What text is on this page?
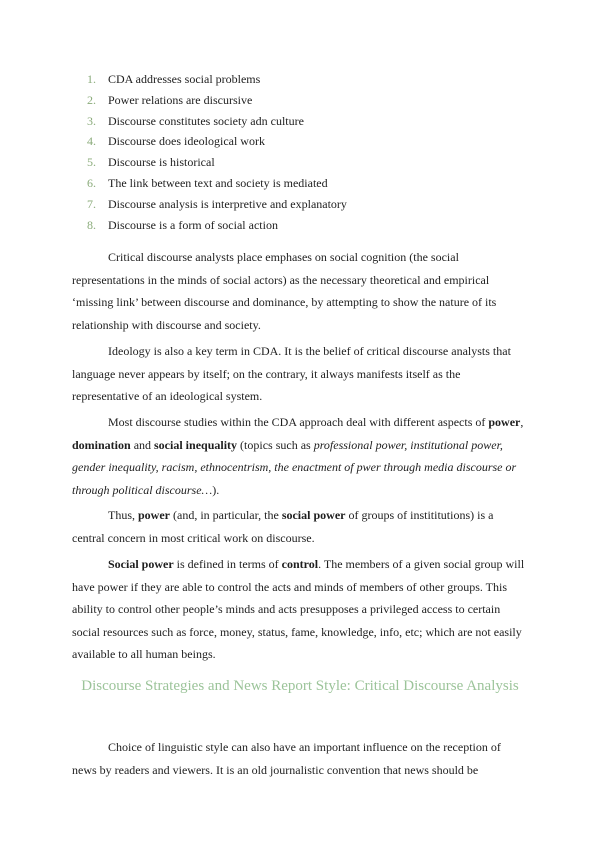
1.	CDA addresses social problems
2.	Power relations are discursive
3.	Discourse constitutes society adn culture
4.	Discourse does ideological work
5.	Discourse is historical
6.	The link between text and society is mediated
7.	Discourse analysis is interpretive and explanatory
8.	Discourse is a form of social action

Critical discourse analysts place emphases on social cognition (the social representations in the minds of social actors) as the necessary theoretical and empirical ‘missing link’ between discourse and dominance, by attempting to show the nature of its relationship with discourse and society.

Ideology is also a key term in CDA. It is the belief of critical discourse analysts that language never appears by itself; on the contrary, it always manifests itself as the representative of an ideological system.

Most discourse studies within the CDA approach deal with different aspects of power, domination and social inequality (topics such as professional power, institutional power, gender inequality, racism, ethnocentrism, the enactment of pwer through media discourse or through political discourse…).

Thus, power (and, in particular, the social power of groups of instititutions) is a central concern in most critical work on discourse.

Social power is defined in terms of control. The members of a given social group will have power if they are able to control the acts and minds of members of other groups. This ability to control other people’s minds and acts presupposes a privileged access to certain social resources such as force, money, status, fame, knowledge, info, etc; which are not easily available to all human beings.

Discourse Strategies and News Report Style: Critical Discourse Analysis

Choice of linguistic style can also have an important influence on the reception of news by readers and viewers. It is an old journalistic convention that news should be
